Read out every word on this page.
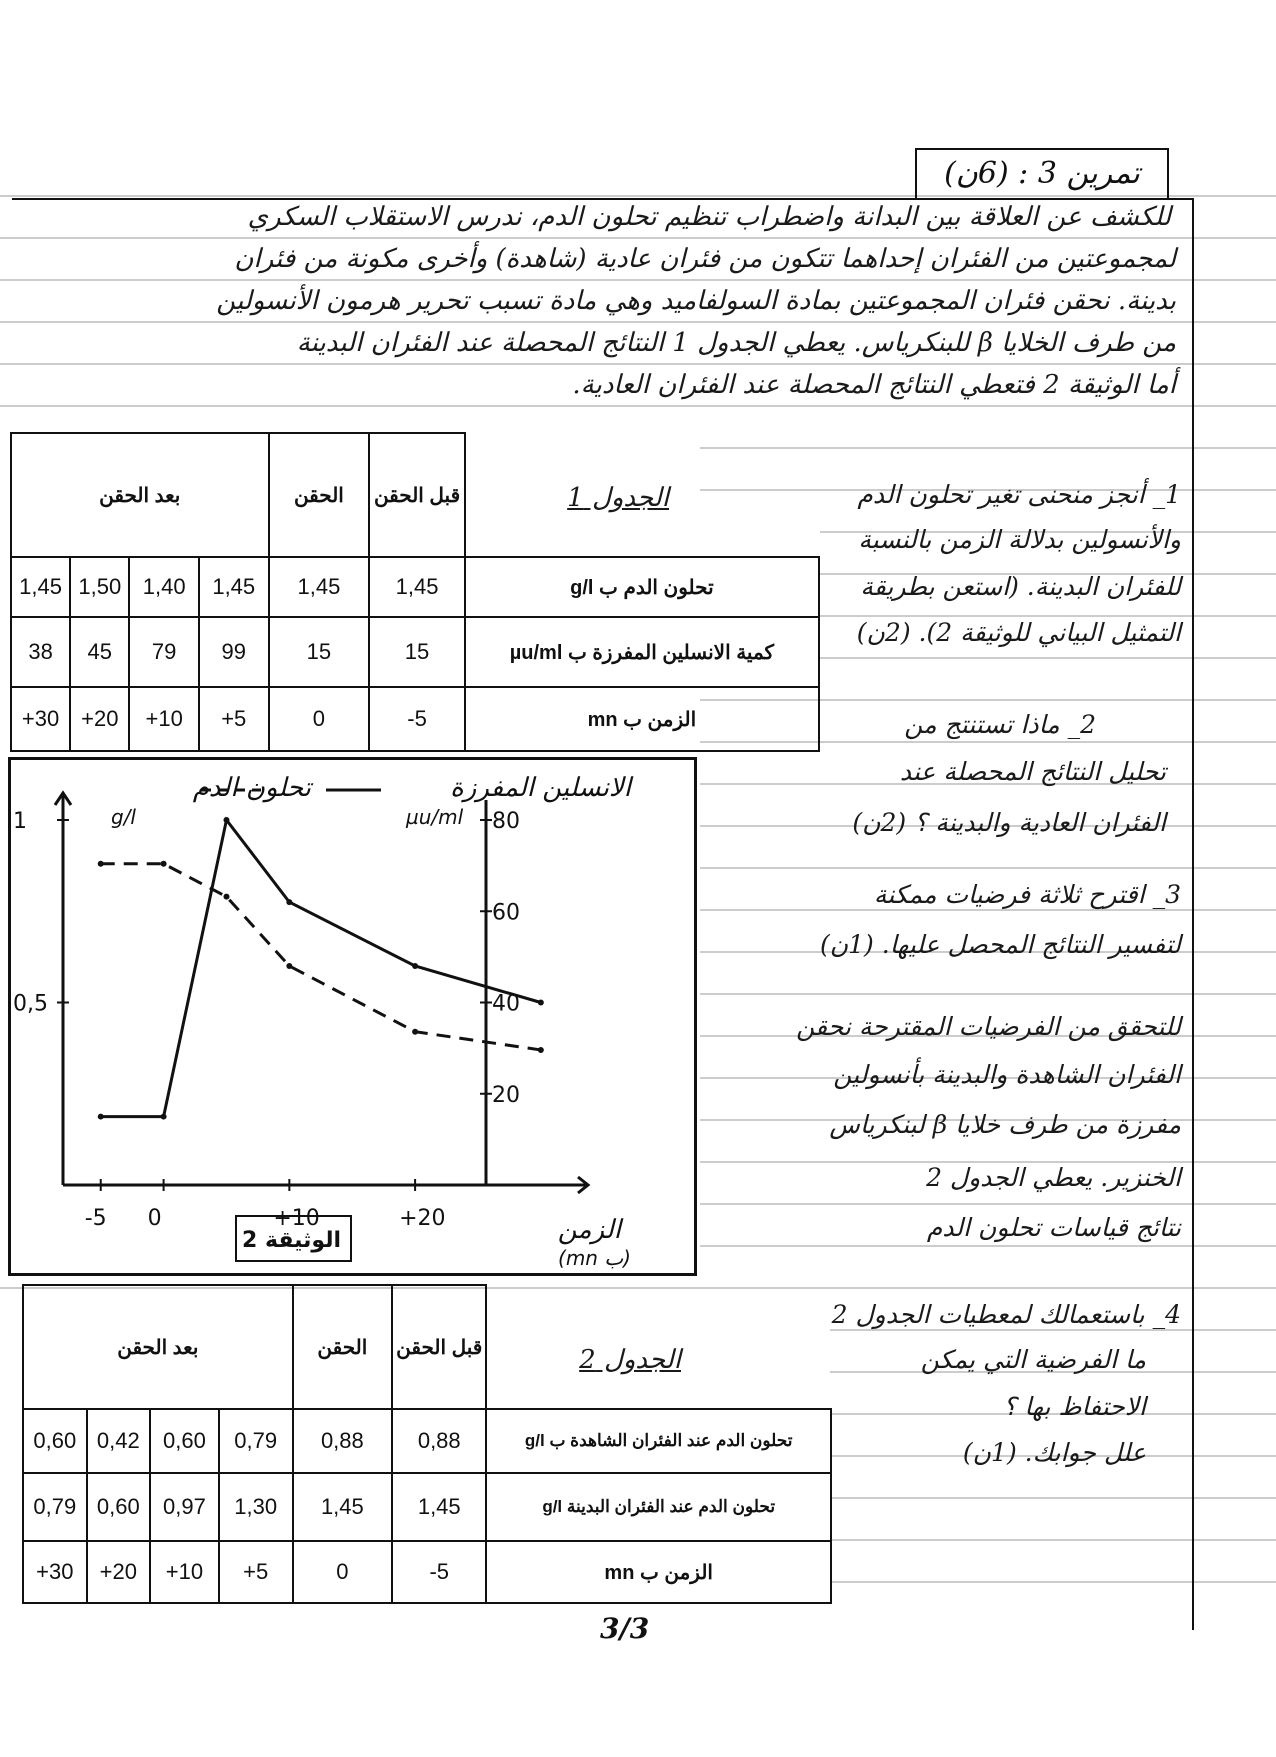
تمرين 3 : (6ن)
للكشف عن العلاقة بين البدانة واضطراب تنظيم تحلون الدم، ندرس الاستقلاب السكري
لمجموعتين من الفئران إحداهما تتكون من فئران عادية (شاهدة) وأخرى مكونة من فئران
بدينة. نحقن فئران المجموعتين بمادة السولفاميد وهي مادة تسبب تحرير هرمون الأنسولين
من طرف الخلايا β للبنكرياس. يعطي الجدول 1 النتائج المحصلة عند الفئران البدينة
أما الوثيقة 2 فتعطي النتائج المحصلة عند الفئران العادية.
بعد الحقن				الحقن	قبل الحقن	الجدول 1

1,45	1,50	1,40	1,45	1,45	1,45	تحلون الدم ب g/l
38	45	79	99	15	15	كمية الانسلين المفرزة ب µu/ml
+30	+20	+10	+5	0	-5	الزمن ب mn
1_ أنجز منحنى تغير تحلون الدم
والأنسولين بدلالة الزمن بالنسبة
للفئران البدينة. (استعن بطريقة
التمثيل البياني للوثيقة 2). (2ن)
2_ ماذا تستنتج من
تحليل النتائج المحصلة عند
الفئران العادية والبدينة ؟ (2ن)
3_ اقترح ثلاثة فرضيات ممكنة
لتفسير النتائج المحصل عليها. (1ن)
للتحقق من الفرضيات المقترحة نحقن
الفئران الشاهدة والبدينة بأنسولين
مفرزة من طرف خلايا β لبنكرياس
الخنزير. يعطي الجدول 2
نتائج قياسات تحلون الدم
-5 0	+10	+20
1
0,5
80
60
40
20
تحلون الدم	الانسلين المفرزة
g/l	µu/ml
الزمن
(ب mn)
الوثيقة 2
بعد الحقن				الحقن	قبل الحقن	الجدول 2

0,60	0,42	0,60	0,79	0,88	0,88	تحلون الدم عند الفئران الشاهدة ب g/l
0,79	0,60	0,97	1,30	1,45	1,45	تحلون الدم عند الفئران البدينة g/l
+30	+20	+10	+5	0	-5	الزمن ب mn
4_ باستعمالك لمعطيات الجدول 2
ما الفرضية التي يمكن
الاحتفاظ بها ؟
علل جوابك. (1ن)
3/3
